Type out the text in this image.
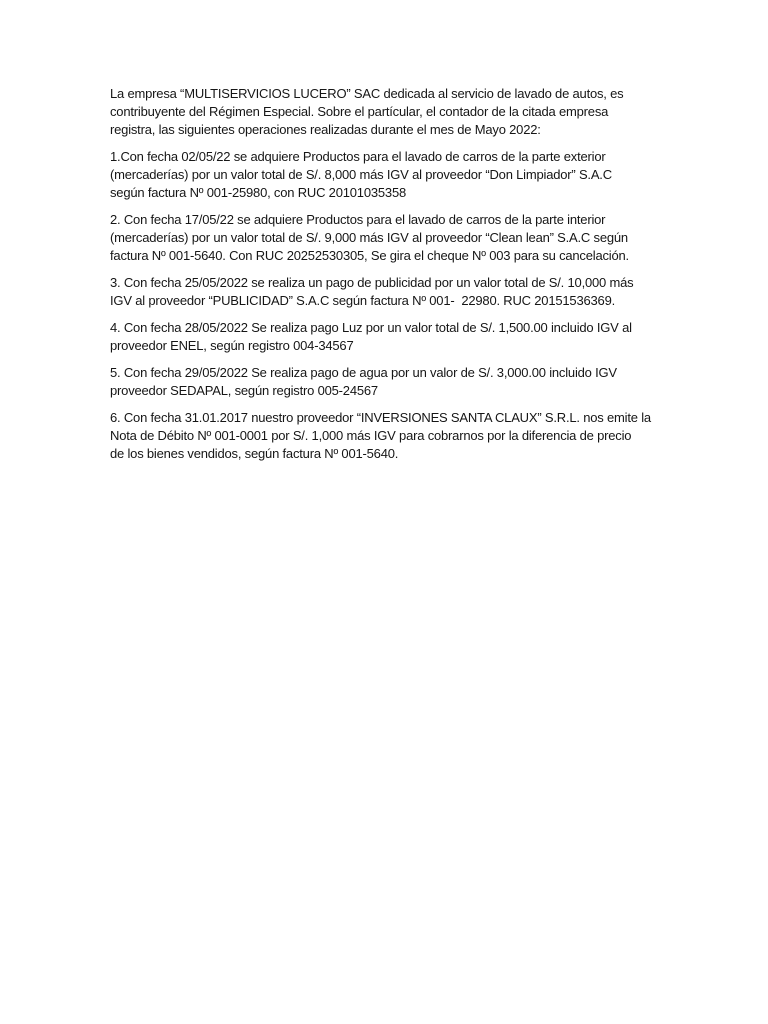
La empresa “MULTISERVICIOS LUCERO” SAC dedicada al servicio de lavado de autos, es
contribuyente del Régimen Especial. Sobre el partícular, el contador de la citada empresa
registra, las siguientes operaciones realizadas durante el mes de Mayo 2022:
1.Con fecha 02/05/22 se adquiere Productos para el lavado de carros de la parte exterior
(mercaderías) por un valor total de S/. 8,000 más IGV al proveedor “Don Limpiador” S.A.C
según factura Nº 001-25980, con RUC 20101035358
2. Con fecha 17/05/22 se adquiere Productos para el lavado de carros de la parte interior
(mercaderías) por un valor total de S/. 9,000 más IGV al proveedor “Clean lean” S.A.C según
factura Nº 001-5640. Con RUC 20252530305, Se gira el cheque Nº 003 para su cancelación.
3. Con fecha 25/05/2022 se realiza un pago de publicidad por un valor total de S/. 10,000 más
IGV al proveedor “PUBLICIDAD” S.A.C según factura Nº 001-  22980. RUC 20151536369.
4. Con fecha 28/05/2022 Se realiza pago Luz por un valor total de S/. 1,500.00 incluido IGV al
proveedor ENEL, según registro 004-34567
5. Con fecha 29/05/2022 Se realiza pago de agua por un valor de S/. 3,000.00 incluido IGV
proveedor SEDAPAL, según registro 005-24567
6. Con fecha 31.01.2017 nuestro proveedor “INVERSIONES SANTA CLAUX” S.R.L. nos emite la
Nota de Débito Nº 001-0001 por S/. 1,000 más IGV para cobrarnos por la diferencia de precio
de los bienes vendidos, según factura Nº 001-5640.
